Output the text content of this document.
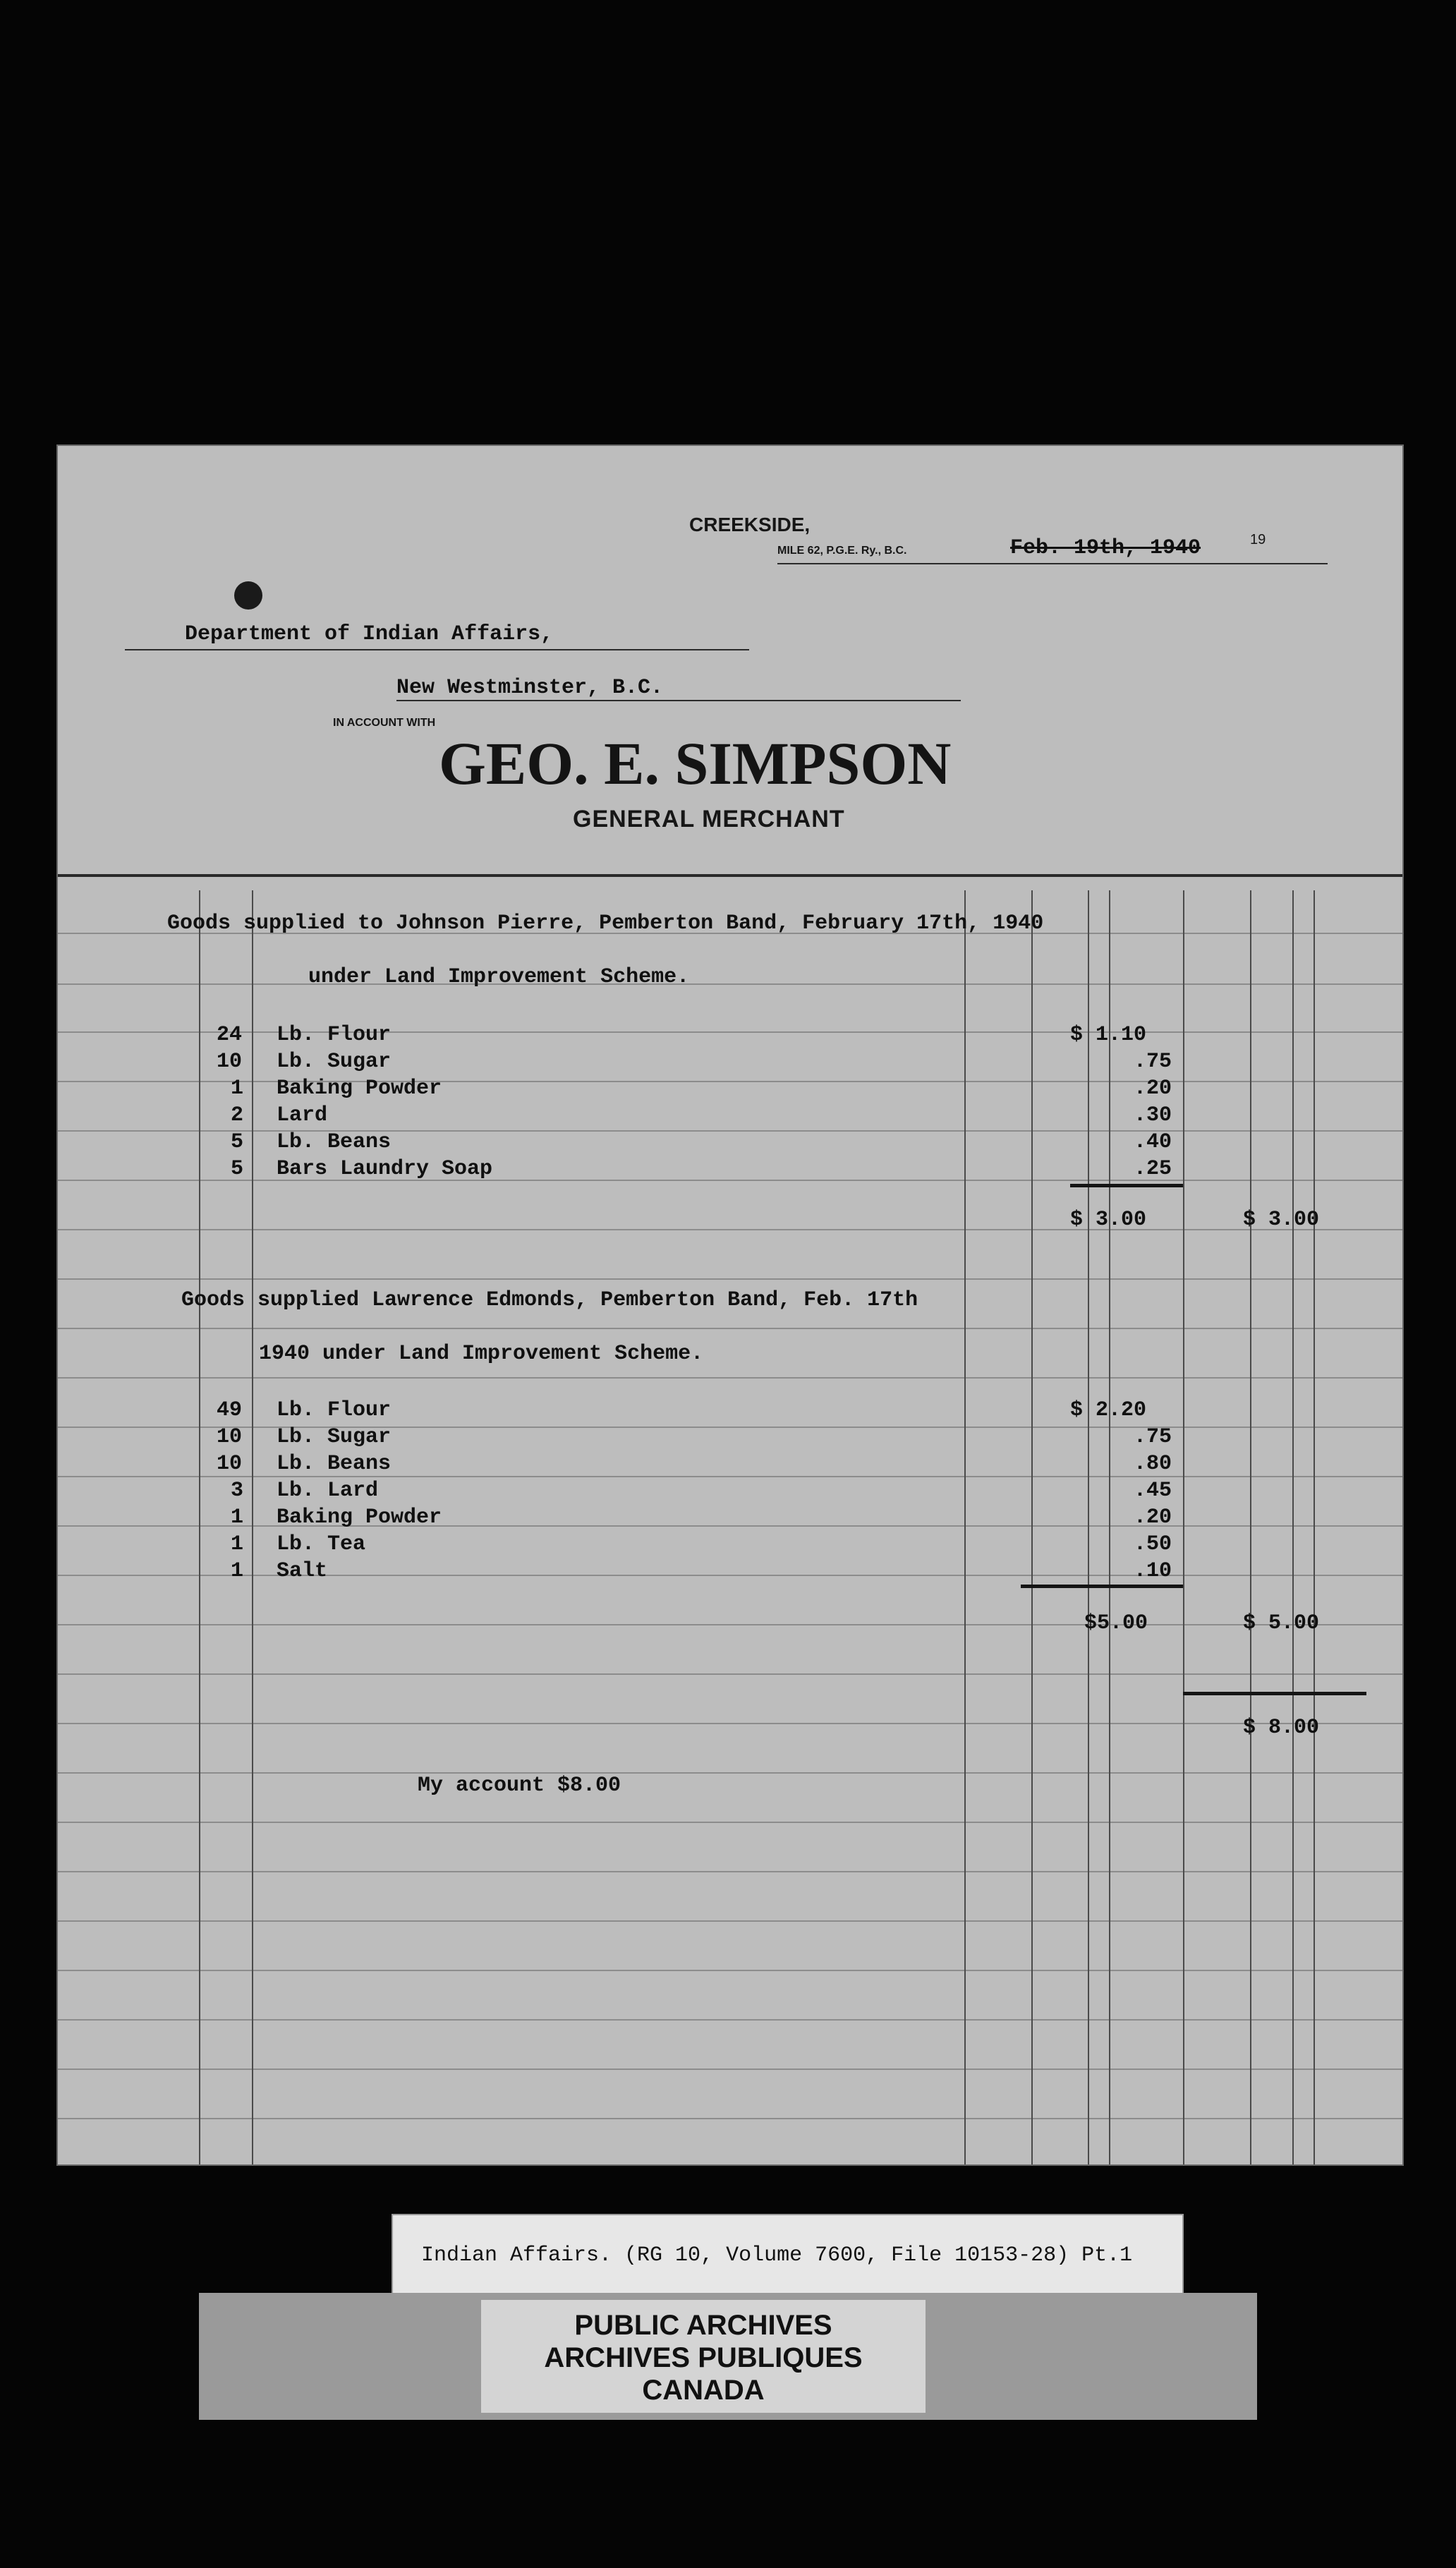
CREEKSIDE,
MILE 62, P.G.E. Ry., B.C.	Feb. 19th, 1940	19
Department of Indian Affairs,
New Westminster, B.C.
IN ACCOUNT WITH
GEO. E. SIMPSON
GENERAL MERCHANT
Goods supplied to Johnson Pierre, Pemberton Band, February 17th, 1940
under Land Improvement Scheme.
24 Lb. Flour	$ 1.10
10 Lb. Sugar	.75
1 Baking Powder	.20
2 Lard	.30
5 Lb. Beans	.40
5 Bars Laundry Soap	.25
$ 3.00	$ 3.00
Goods supplied Lawrence Edmonds, Pemberton Band, Feb. 17th
1940 under Land Improvement Scheme.
49 Lb. Flour	$ 2.20
10 Lb. Sugar	.75
10 Lb. Beans	.80
3 Lb. Lard	.45
1 Baking Powder	.20
1 Lb. Tea	.50
1 Salt	.10
$5.00	$ 5.00
$ 8.00
My account $8.00
Indian Affairs. (RG 10, Volume 7600, File 10153-28) Pt.1
PUBLIC ARCHIVES
ARCHIVES PUBLIQUES
CANADA
